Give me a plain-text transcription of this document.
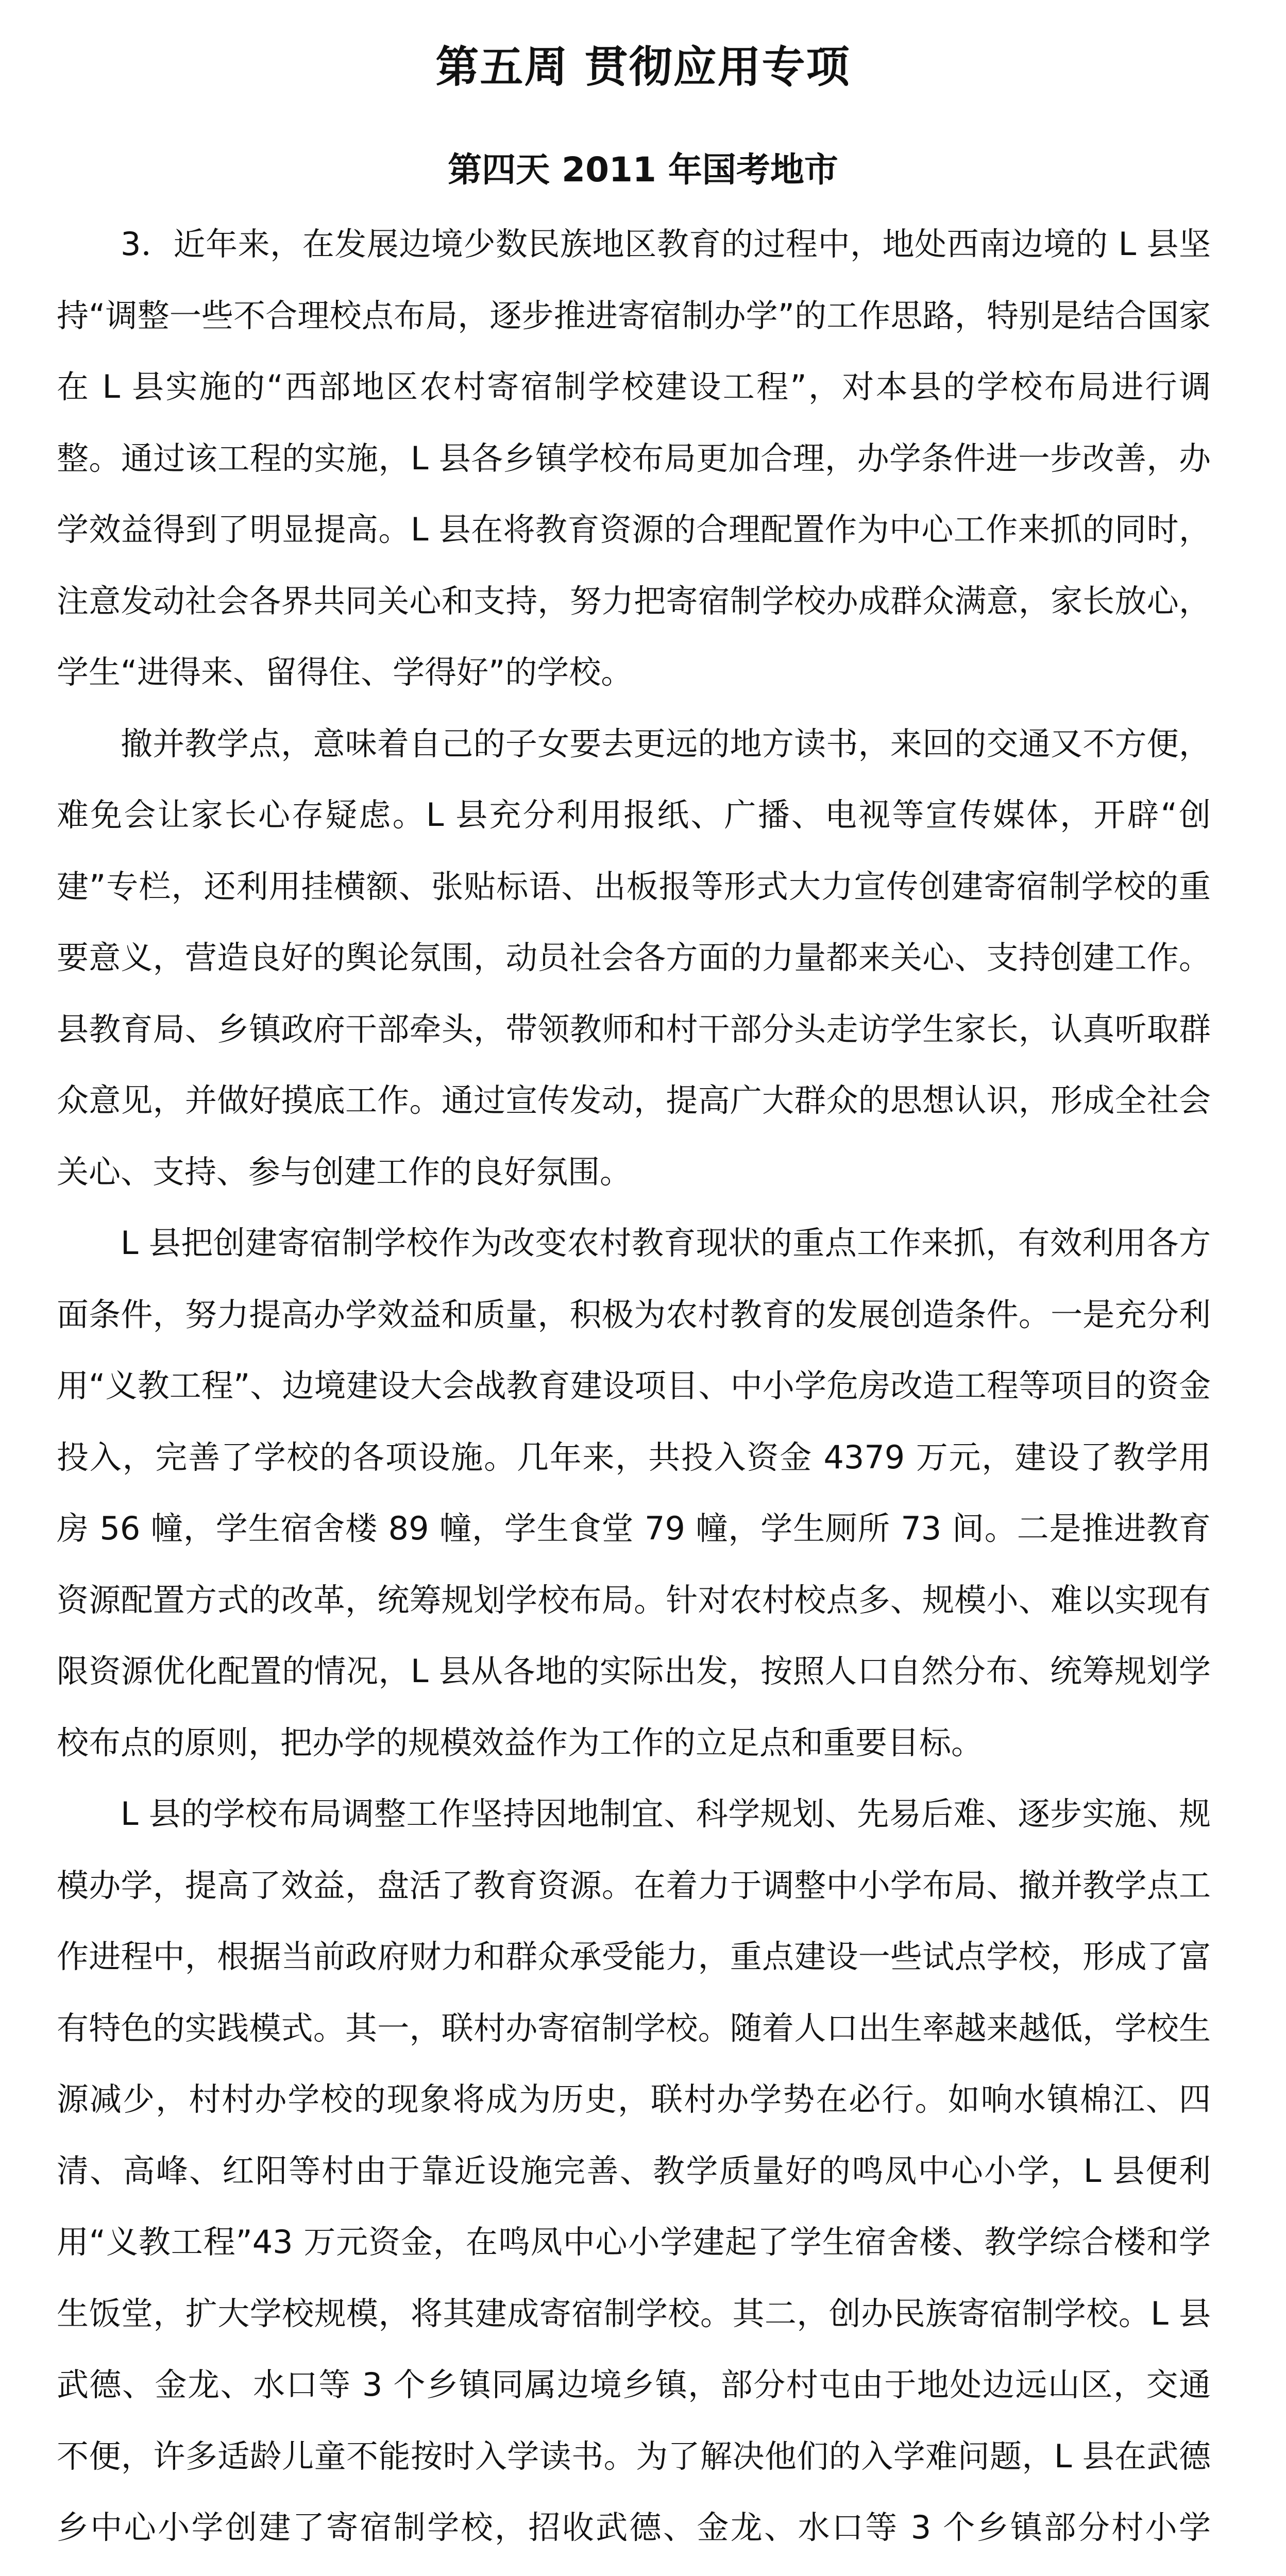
第五周 贯彻应用专项
第四天 2011 年国考地市

3．近年来，在发展边境少数民族地区教育的过程中，地处西南边境的 L 县坚持“调整一些不合理校点布局，逐步推进寄宿制办学”的工作思路，特别是结合国家在 L 县实施的“西部地区农村寄宿制学校建设工程”，对本县的学校布局进行调整。通过该工程的实施，L 县各乡镇学校布局更加合理，办学条件进一步改善，办学效益得到了明显提高。L 县在将教育资源的合理配置作为中心工作来抓的同时，注意发动社会各界共同关心和支持，努力把寄宿制学校办成群众满意，家长放心，学生“进得来、留得住、学得好”的学校。

撤并教学点，意味着自己的子女要去更远的地方读书，来回的交通又不方便，难免会让家长心存疑虑。L 县充分利用报纸、广播、电视等宣传媒体，开辟“创建”专栏，还利用挂横额、张贴标语、出板报等形式大力宣传创建寄宿制学校的重要意义，营造良好的舆论氛围，动员社会各方面的力量都来关心、支持创建工作。县教育局、乡镇政府干部牵头，带领教师和村干部分头走访学生家长，认真听取群众意见，并做好摸底工作。通过宣传发动，提高广大群众的思想认识，形成全社会关心、支持、参与创建工作的良好氛围。

L 县把创建寄宿制学校作为改变农村教育现状的重点工作来抓，有效利用各方面条件，努力提高办学效益和质量，积极为农村教育的发展创造条件。一是充分利用“义教工程”、边境建设大会战教育建设项目、中小学危房改造工程等项目的资金投入，完善了学校的各项设施。几年来，共投入资金 4379 万元，建设了教学用房 56 幢，学生宿舍楼 89 幢，学生食堂 79 幢，学生厕所 73 间。二是推进教育资源配置方式的改革，统筹规划学校布局。针对农村校点多、规模小、难以实现有限资源优化配置的情况，L 县从各地的实际出发，按照人口自然分布、统筹规划学校布点的原则，把办学的规模效益作为工作的立足点和重要目标。

L 县的学校布局调整工作坚持因地制宜、科学规划、先易后难、逐步实施、规模办学，提高了效益，盘活了教育资源。在着力于调整中小学布局、撤并教学点工作进程中，根据当前政府财力和群众承受能力，重点建设一些试点学校，形成了富有特色的实践模式。其一，联村办寄宿制学校。随着人口出生率越来越低，学校生源减少，村村办学校的现象将成为历史，联村办学势在必行。如响水镇棉江、四清、高峰、红阳等村由于靠近设施完善、教学质量好的鸣凤中心小学，L 县便利用“义教工程”43 万元资金，在鸣凤中心小学建起了学生宿舍楼、教学综合楼和学生饭堂，扩大学校规模，将其建成寄宿制学校。其二，创办民族寄宿制学校。L 县武德、金龙、水口等 3 个乡镇同属边境乡镇，部分村屯由于地处边远山区，交通不便，许多适龄儿童不能按时入学读书。为了解决他们的入学难问题，L 县在武德乡中心小学创建了寄宿制学校，招收武德、金龙、水口等 3 个乡镇部分村小学
